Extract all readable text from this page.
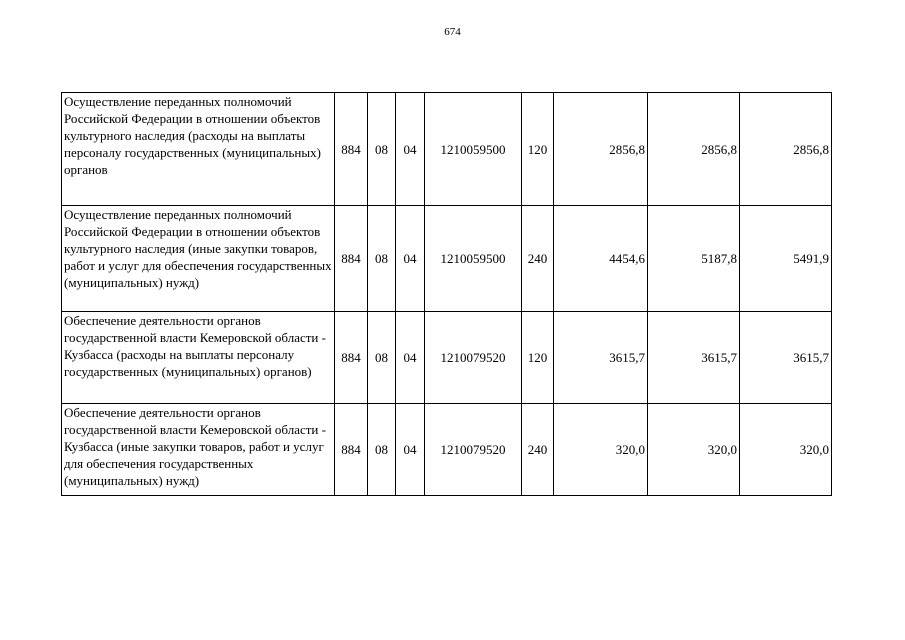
674
Осуществление переданных полномочий Российской Федерации в отношении объектов культурного наследия (расходы на выплаты персоналу государственных (муниципальных) органов	884	08	04	1210059500	120	2856,8	2856,8	2856,8
Осуществление переданных полномочий Российской Федерации в отношении объектов культурного наследия (иные закупки товаров, работ и услуг для обеспечения государственных (муниципальных) нужд)	884	08	04	1210059500	240	4454,6	5187,8	5491,9
Обеспечение деятельности органов государственной власти Кемеровской области - Кузбасса (расходы на выплаты персоналу государственных (муниципальных) органов)	884	08	04	1210079520	120	3615,7	3615,7	3615,7
Обеспечение деятельности органов государственной власти Кемеровской области - Кузбасса (иные закупки товаров, работ и услуг для обеспечения государственных (муниципальных) нужд)	884	08	04	1210079520	240	320,0	320,0	320,0
